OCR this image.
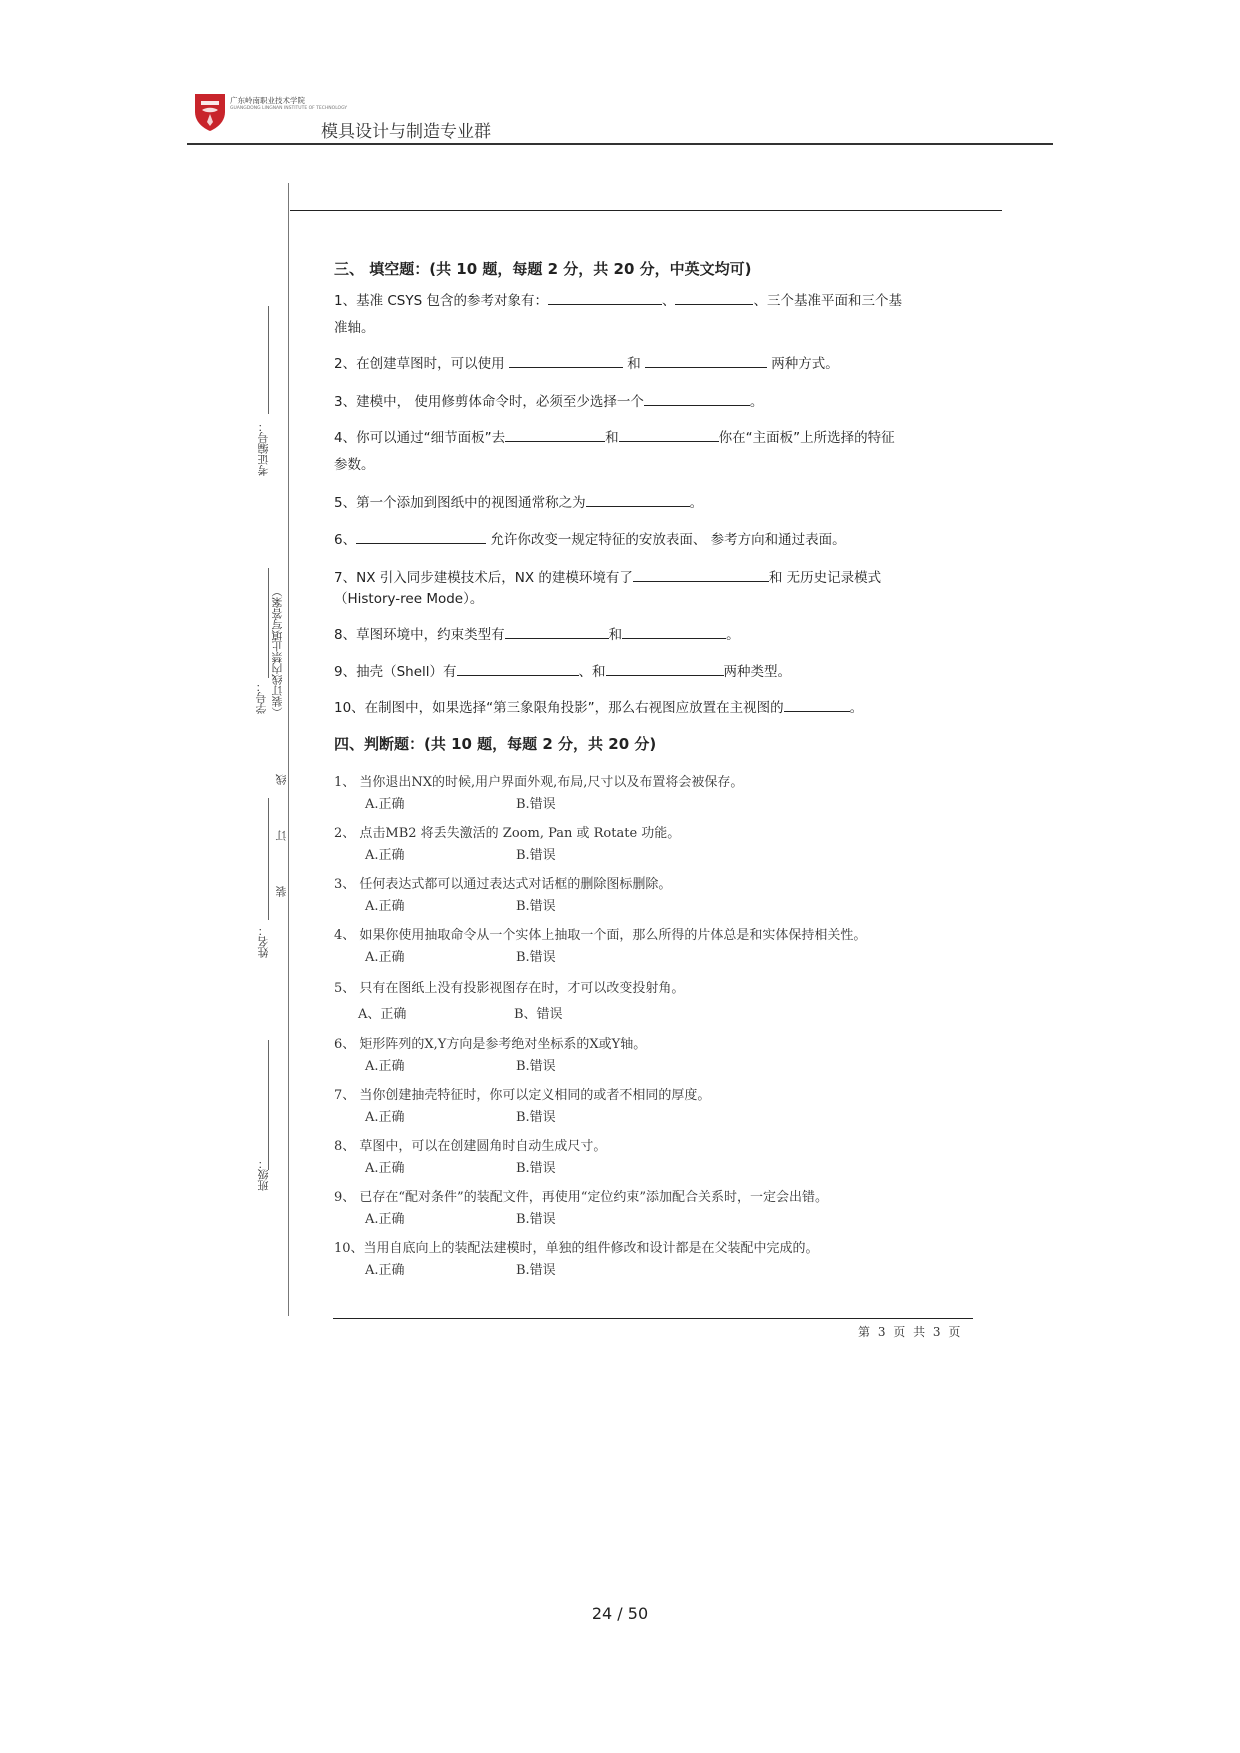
广东岭南职业技术学院
GUANGDONG LINGNAN INSTITUTE OF TECHNOLOGY
模具设计与制造专业群
考证编号：
学号： （装订线内禁止填写答案）
线
订
装
姓名：
班级：
三、 填空题：(共 10 题，每题 2 分，共 20 分，中英文均可)
1、基准 CSYS 包含的参考对象有：	、	、三个基准平面和三个基
准轴。
2、在创建草图时，可以使用	和	两种方式。
3、建模中， 使用修剪体命令时，必须至少选择一个	。
4、你可以通过“细节面板”去	和	你在“主面板”上所选择的特征
参数。
5、第一个添加到图纸中的视图通常称之为	。
6、	允许你改变一规定特征的安放表面、 参考方向和通过表面。
7、NX 引入同步建模技术后，NX 的建模环境有了	和 无历史记录模式
（History-ree Mode）。
8、草图环境中，约束类型有	和	。
9、抽壳（Shell）有	、和	两种类型。
10、在制图中，如果选择“第三象限角投影”，那么右视图应放置在主视图的	。
四、判断题：(共 10 题，每题 2 分，共 20 分)
1、 当你退出NX的时候,用户界面外观,布局,尺寸以及布置将会被保存。
A.正确	B.错误
2、 点击MB2 将丢失激活的 Zoom, Pan 或 Rotate 功能。
A.正确	B.错误
3、 任何表达式都可以通过表达式对话框的删除图标删除。
A.正确	B.错误
4、 如果你使用抽取命令从一个实体上抽取一个面，那么所得的片体总是和实体保持相关性。
A.正确	B.错误
5、 只有在图纸上没有投影视图存在时，才可以改变投射角。
A、正确	B、错误
6、 矩形阵列的X,Y方向是参考绝对坐标系的X或Y轴。
A.正确	B.错误
7、 当你创建抽壳特征时，你可以定义相同的或者不相同的厚度。
A.正确	B.错误
8、 草图中，可以在创建圆角时自动生成尺寸。
A.正确	B.错误
9、 已存在“配对条件”的装配文件，再使用“定位约束”添加配合关系时，一定会出错。
A.正确	B.错误
10、当用自底向上的装配法建模时，单独的组件修改和设计都是在父装配中完成的。
A.正确	B.错误
第 3 页 共 3 页
24 / 50
